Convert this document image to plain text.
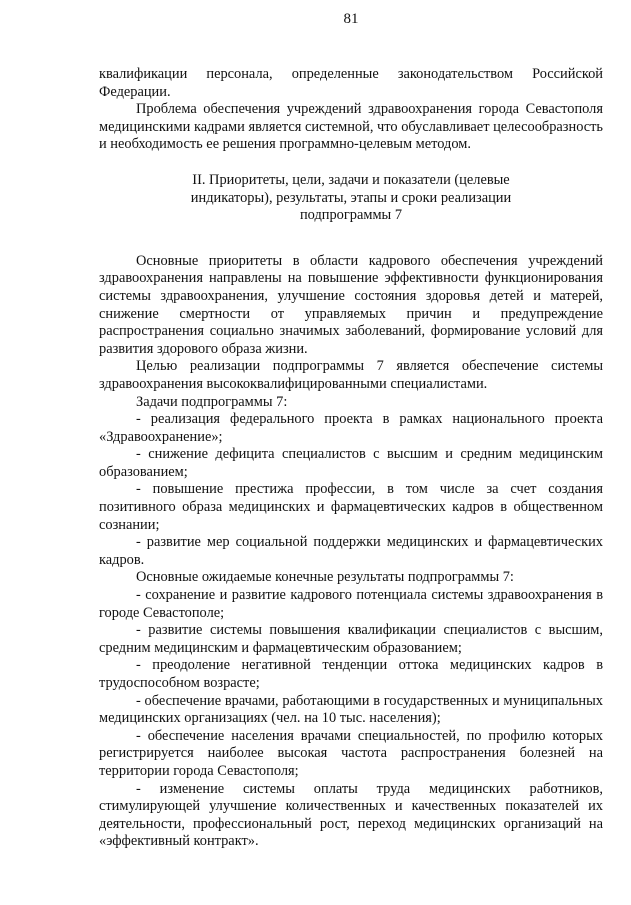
81

квалификации персонала, определенные законодательством Российской Федерации.

Проблема обеспечения учреждений здравоохранения города Севастополя медицинскими кадрами является системной, что обуславливает целесообразность и необходимость ее решения программно-целевым методом.

II. Приоритеты, цели, задачи и показатели (целевые
индикаторы), результаты, этапы и сроки реализации
подпрограммы 7

Основные приоритеты в области кадрового обеспечения учреждений здравоохранения направлены на повышение эффективности функционирования системы здравоохранения, улучшение состояния здоровья детей и матерей, снижение смертности от управляемых причин и предупреждение распространения социально значимых заболеваний, формирование условий для развития здорового образа жизни.

Целью реализации подпрограммы 7 является обеспечение системы здравоохранения высококвалифицированными специалистами.

Задачи подпрограммы 7:

- реализация федерального проекта в рамках национального проекта «Здравоохранение»;

- снижение дефицита специалистов с высшим и средним медицинским образованием;

- повышение престижа профессии, в том числе за счет создания позитивного образа медицинских и фармацевтических кадров в общественном сознании;

- развитие мер социальной поддержки медицинских и фармацевтических кадров.

Основные ожидаемые конечные результаты подпрограммы 7:

- сохранение и развитие кадрового потенциала системы здравоохранения в городе Севастополе;

- развитие системы повышения квалификации специалистов с высшим, средним медицинским и фармацевтическим образованием;

- преодоление негативной тенденции оттока медицинских кадров в трудоспособном возрасте;

- обеспечение врачами, работающими в государственных и муниципальных медицинских организациях (чел. на 10 тыс. населения);

- обеспечение населения врачами специальностей, по профилю которых регистрируется наиболее высокая частота распространения болезней на территории города Севастополя;

- изменение системы оплаты труда медицинских работников, стимулирующей улучшение количественных и качественных показателей их деятельности, профессиональный рост, переход медицинских организаций на «эффективный контракт».
